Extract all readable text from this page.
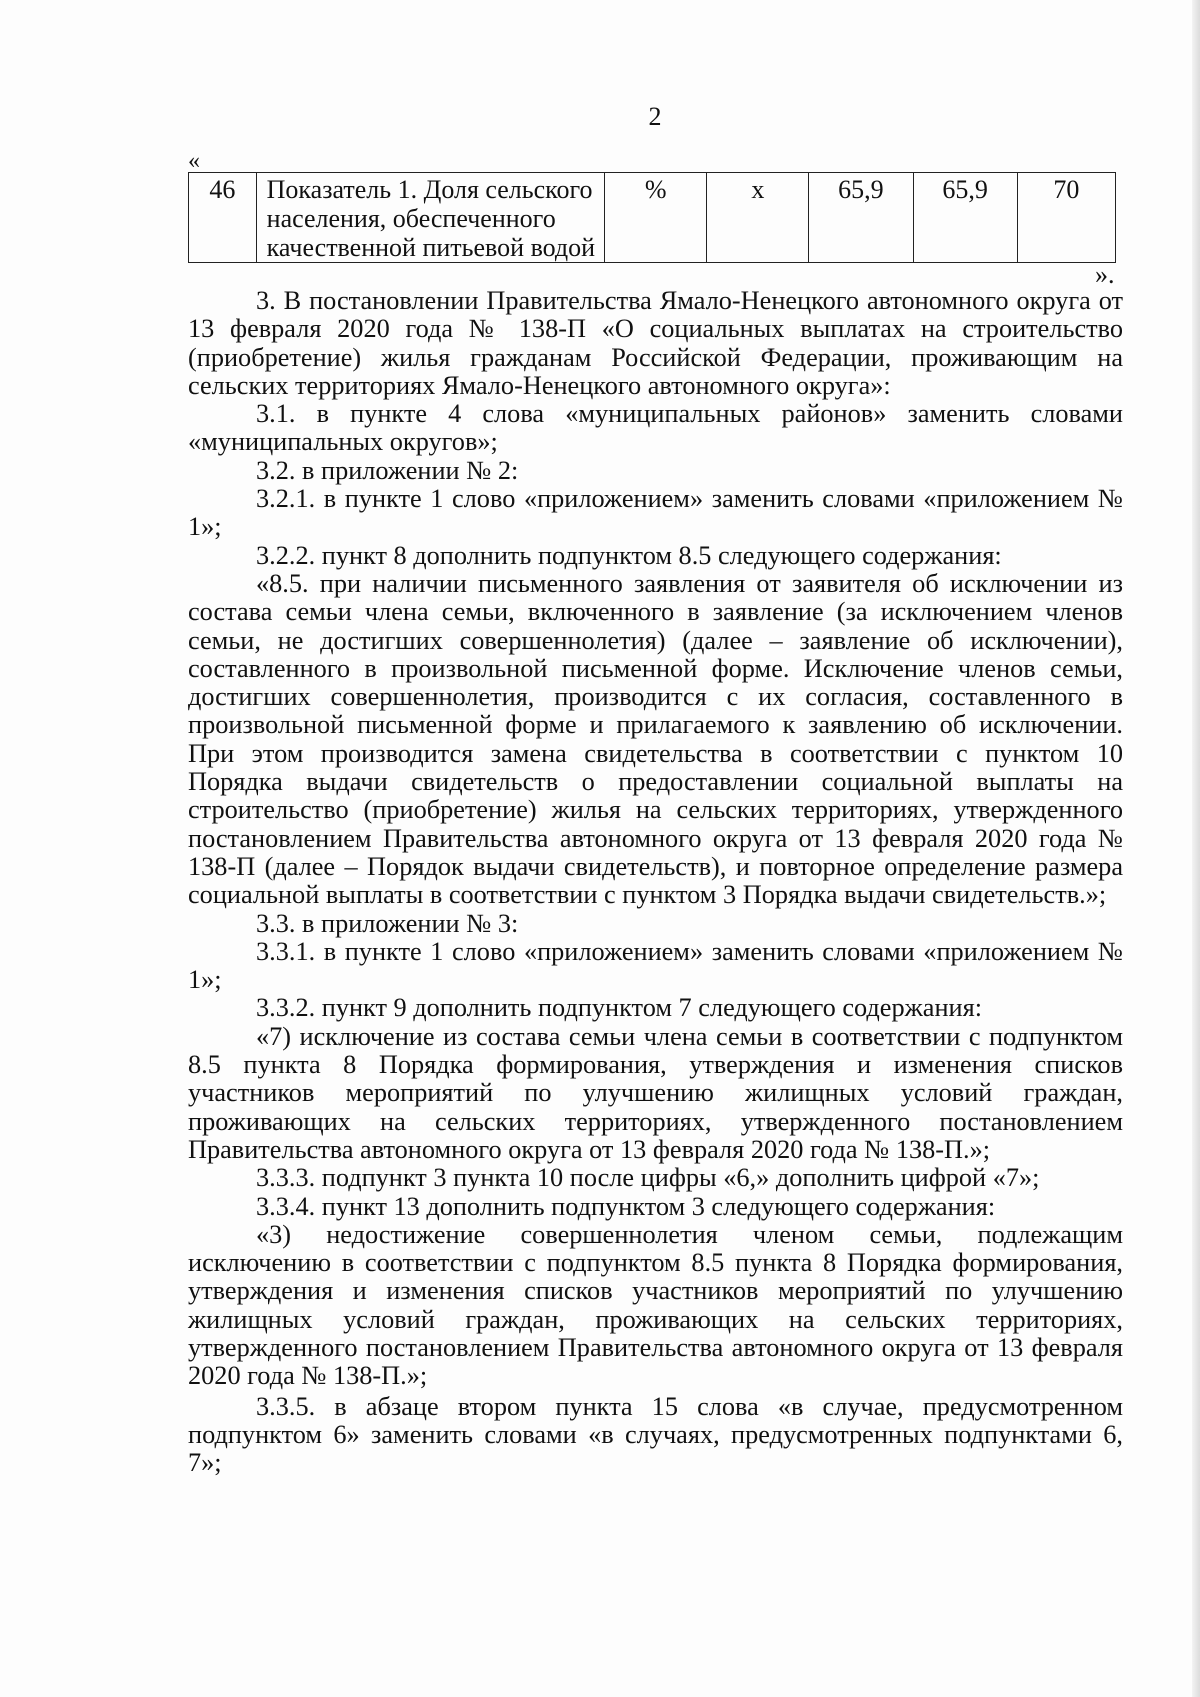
2
«
46	Показатель 1. Доля сельского населения, обеспеченного качественной питьевой водой	%	х	65,9	65,9	70
».

3. В постановлении Правительства Ямало-Ненецкого автономного округа от 13 февраля 2020 года № 138-П «О социальных выплатах на строительство (приобретение) жилья гражданам Российской Федерации, проживающим на сельских территориях Ямало-Ненецкого автономного округа»:

3.1. в пункте 4 слова «муниципальных районов» заменить словами «муниципальных округов»;

3.2. в приложении № 2:

3.2.1. в пункте 1 слово «приложением» заменить словами «приложением № 1»;

3.2.2. пункт 8 дополнить подпунктом 8.5 следующего содержания:

«8.5. при наличии письменного заявления от заявителя об исключении из состава семьи члена семьи, включенного в заявление (за исключением членов семьи, не достигших совершеннолетия) (далее – заявление об исключении), составленного в произвольной письменной форме. Исключение членов семьи, достигших совершеннолетия, производится с их согласия, составленного в произвольной письменной форме и прилагаемого к заявлению об исключении. При этом производится замена свидетельства в соответствии с пунктом 10 Порядка выдачи свидетельств о предоставлении социальной выплаты на строительство (приобретение) жилья на сельских территориях, утвержденного постановлением Правительства автономного округа от 13 февраля 2020 года № 138-П (далее – Порядок выдачи свидетельств), и повторное определение размера социальной выплаты в соответствии с пунктом 3 Порядка выдачи свидетельств.»;

3.3. в приложении № 3:

3.3.1. в пункте 1 слово «приложением» заменить словами «приложением № 1»;

3.3.2. пункт 9 дополнить подпунктом 7 следующего содержания:

«7) исключение из состава семьи члена семьи в соответствии с подпунктом 8.5 пункта 8 Порядка формирования, утверждения и изменения списков участников мероприятий по улучшению жилищных условий граждан, проживающих на сельских территориях, утвержденного постановлением Правительства автономного округа от 13 февраля 2020 года № 138-П.»;

3.3.3. подпункт 3 пункта 10 после цифры «6,» дополнить цифрой «7»;

3.3.4. пункт 13 дополнить подпунктом 3 следующего содержания:

«3) недостижение совершеннолетия членом семьи, подлежащим исключению в соответствии с подпунктом 8.5 пункта 8 Порядка формирования, утверждения и изменения списков участников мероприятий по улучшению жилищных условий граждан, проживающих на сельских территориях, утвержденного постановлением Правительства автономного округа от 13 февраля 2020 года № 138-П.»;

3.3.5. в абзаце втором пункта 15 слова «в случае, предусмотренном подпунктом 6» заменить словами «в случаях, предусмотренных подпунктами 6, 7»;
